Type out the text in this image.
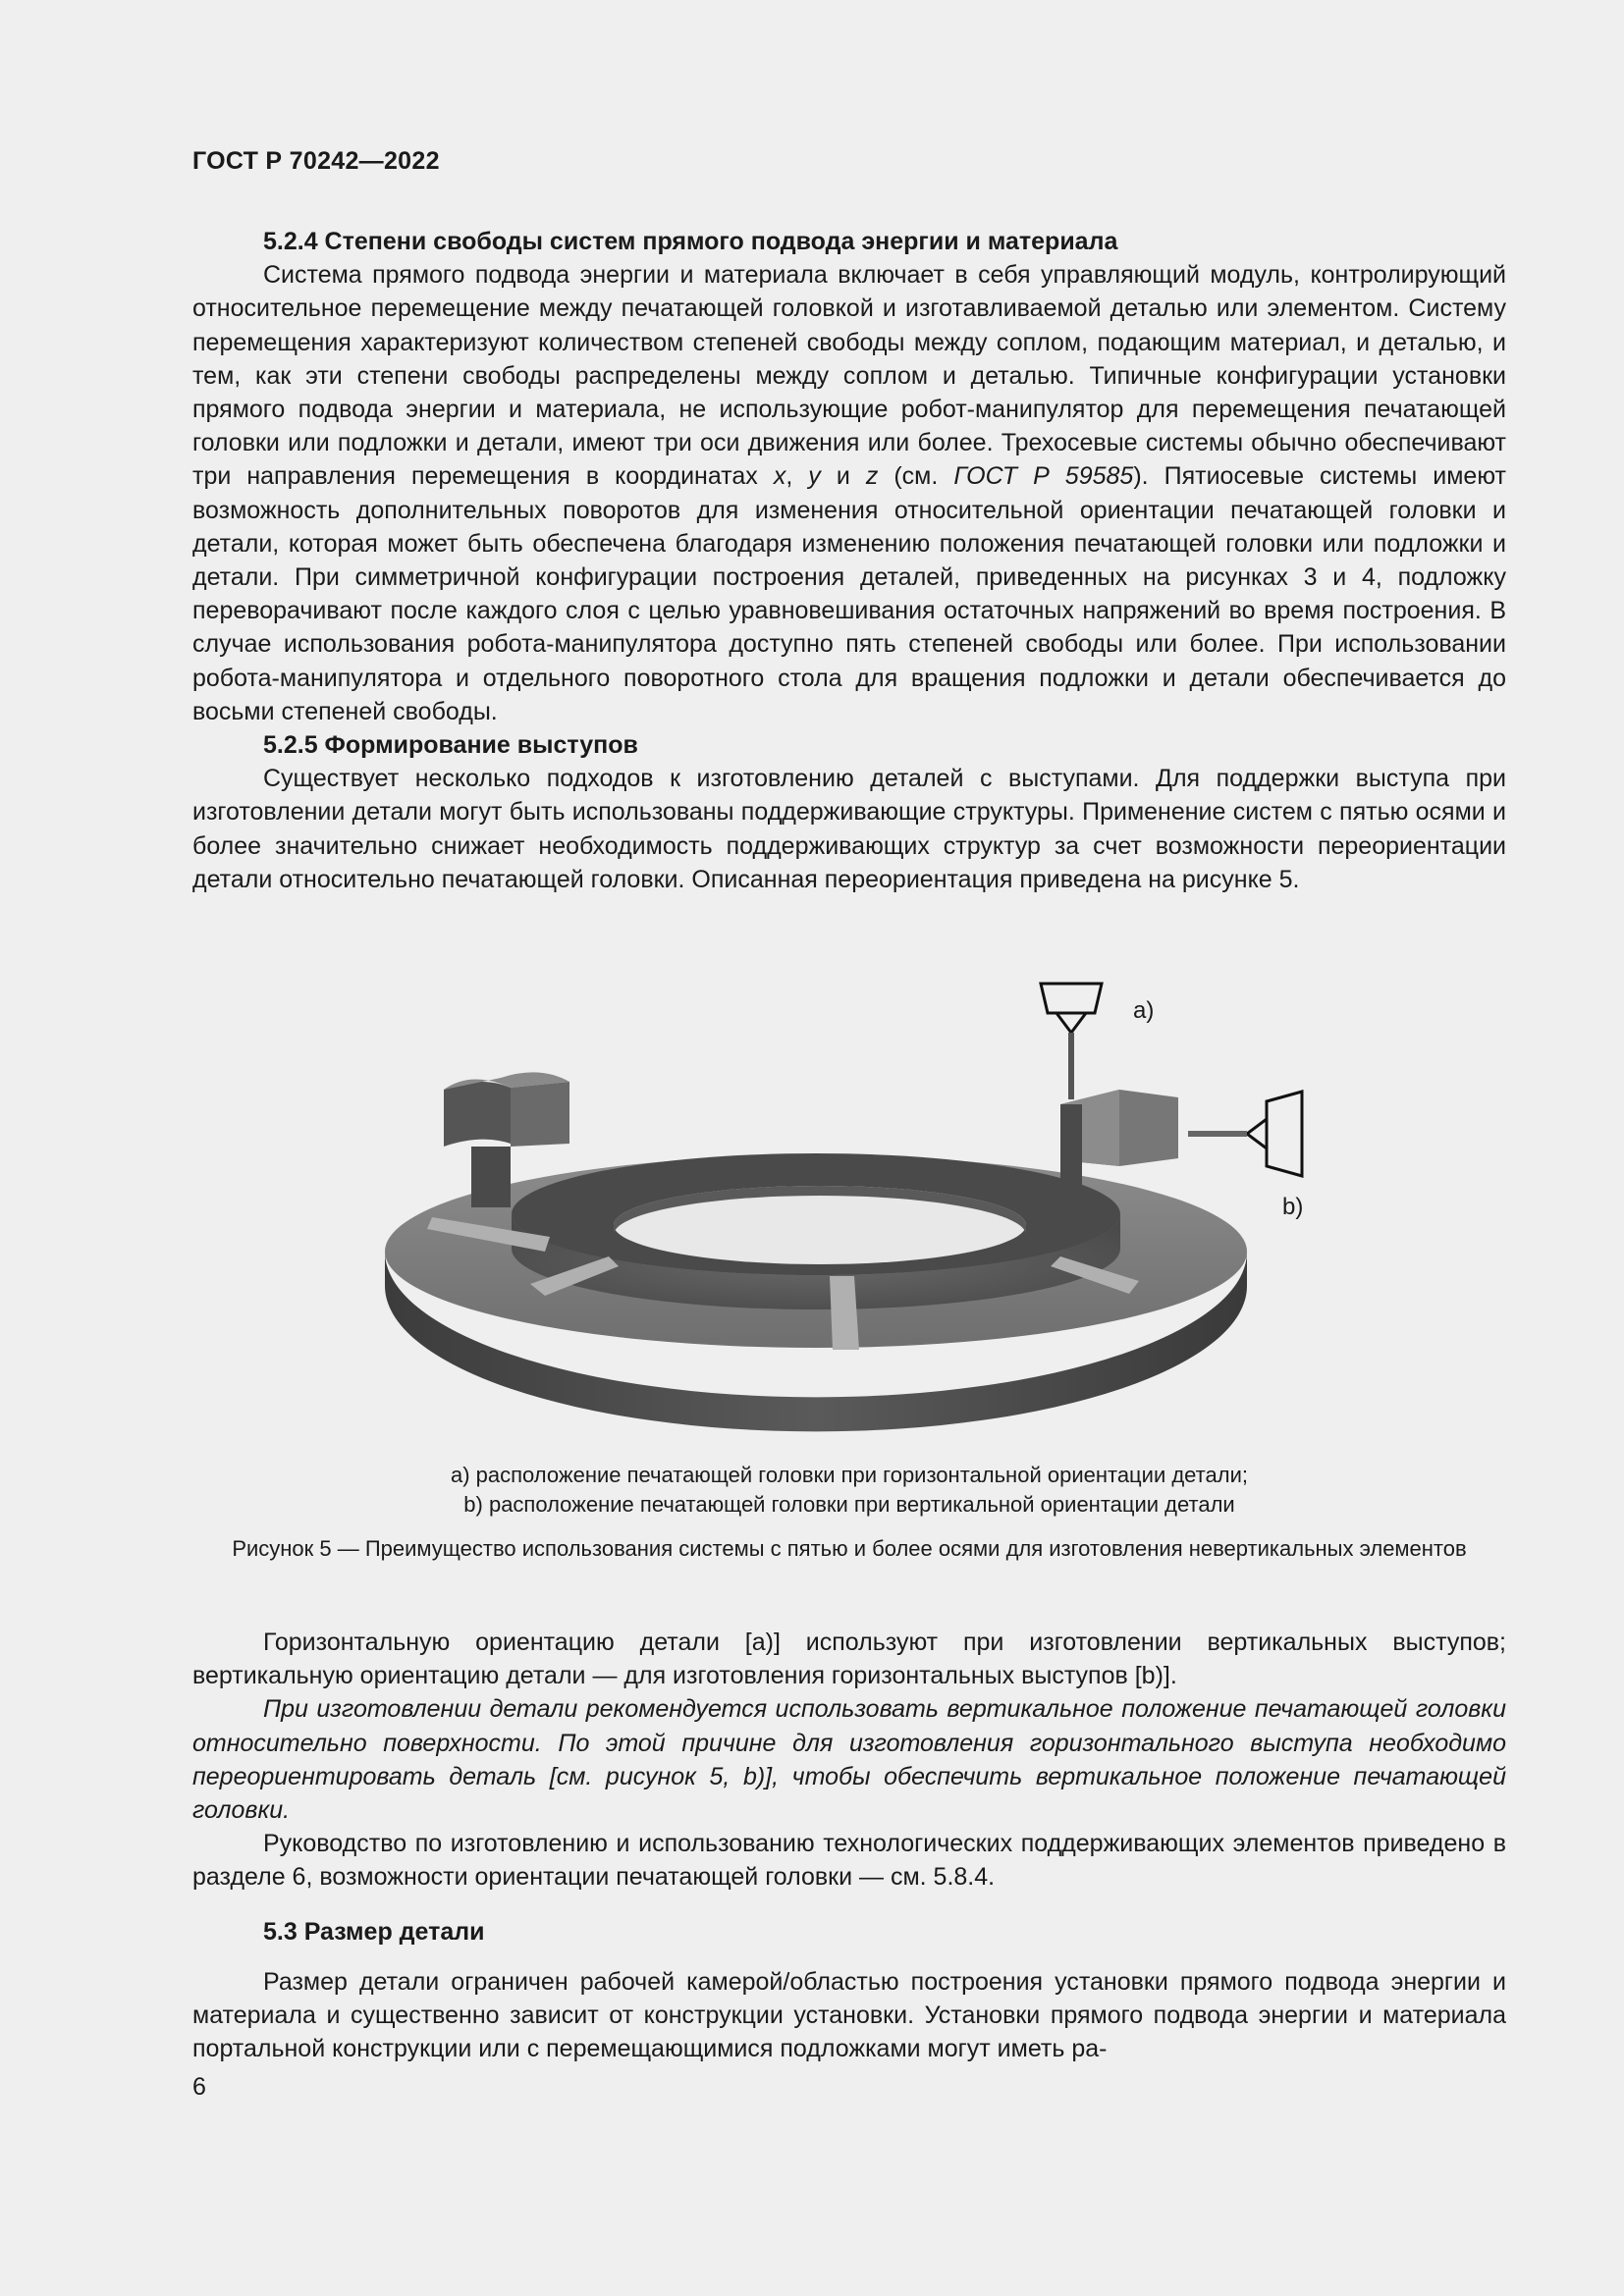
ГОСТ Р 70242—2022

5.2.4 Степени свободы систем прямого подвода энергии и материала

Система прямого подвода энергии и материала включает в себя управляющий модуль, контролирующий относительное перемещение между печатающей головкой и изготавливаемой деталью или элементом. Систему перемещения характеризуют количеством степеней свободы между соплом, подающим материал, и деталью, и тем, как эти степени свободы распределены между соплом и деталью. Типичные конфигурации установки прямого подвода энергии и материала, не использующие робот-манипулятор для перемещения печатающей головки или подложки и детали, имеют три оси движения или более. Трехосевые системы обычно обеспечивают три направления перемещения в координатах x, y и z (см. ГОСТ Р 59585). Пятиосевые системы имеют возможность дополнительных поворотов для изменения относительной ориентации печатающей головки и детали, которая может быть обеспечена благодаря изменению положения печатающей головки или подложки и детали. При симметричной конфигурации построения деталей, приведенных на рисунках 3 и 4, подложку переворачивают после каждого слоя с целью уравновешивания остаточных напряжений во время построения. В случае использования робота-манипулятора доступно пять степеней свободы или более. При использовании робота-манипулятора и отдельного поворотного стола для вращения подложки и детали обеспечивается до восьми степеней свободы.

5.2.5 Формирование выступов

Существует несколько подходов к изготовлению деталей с выступами. Для поддержки выступа при изготовлении детали могут быть использованы поддерживающие структуры. Применение систем с пятью осями и более значительно снижает необходимость поддерживающих структур за счет возможности переориентации детали относительно печатающей головки. Описанная переориентация приведена на рисунке 5.

a)
b)
a) расположение печатающей головки при горизонтальной ориентации детали;
b) расположение печатающей головки при вертикальной ориентации детали
Рисунок 5 — Преимущество использования системы с пятью и более осями для изготовления невертикальных элементов

Горизонтальную ориентацию детали [a)] используют при изготовлении вертикальных выступов; вертикальную ориентацию детали — для изготовления горизонтальных выступов [b)].

При изготовлении детали рекомендуется использовать вертикальное положение печатающей головки относительно поверхности. По этой причине для изготовления горизонтального выступа необходимо переориентировать деталь [см. рисунок 5, b)], чтобы обеспечить вертикальное положение печатающей головки.

Руководство по изготовлению и использованию технологических поддерживающих элементов приведено в разделе 6, возможности ориентации печатающей головки — см. 5.8.4.

5.3 Размер детали

Размер детали ограничен рабочей камерой/областью построения установки прямого подвода энергии и материала и существенно зависит от конструкции установки. Установки прямого подвода энергии и материала портальной конструкции или с перемещающимися подложками могут иметь ра-

6
